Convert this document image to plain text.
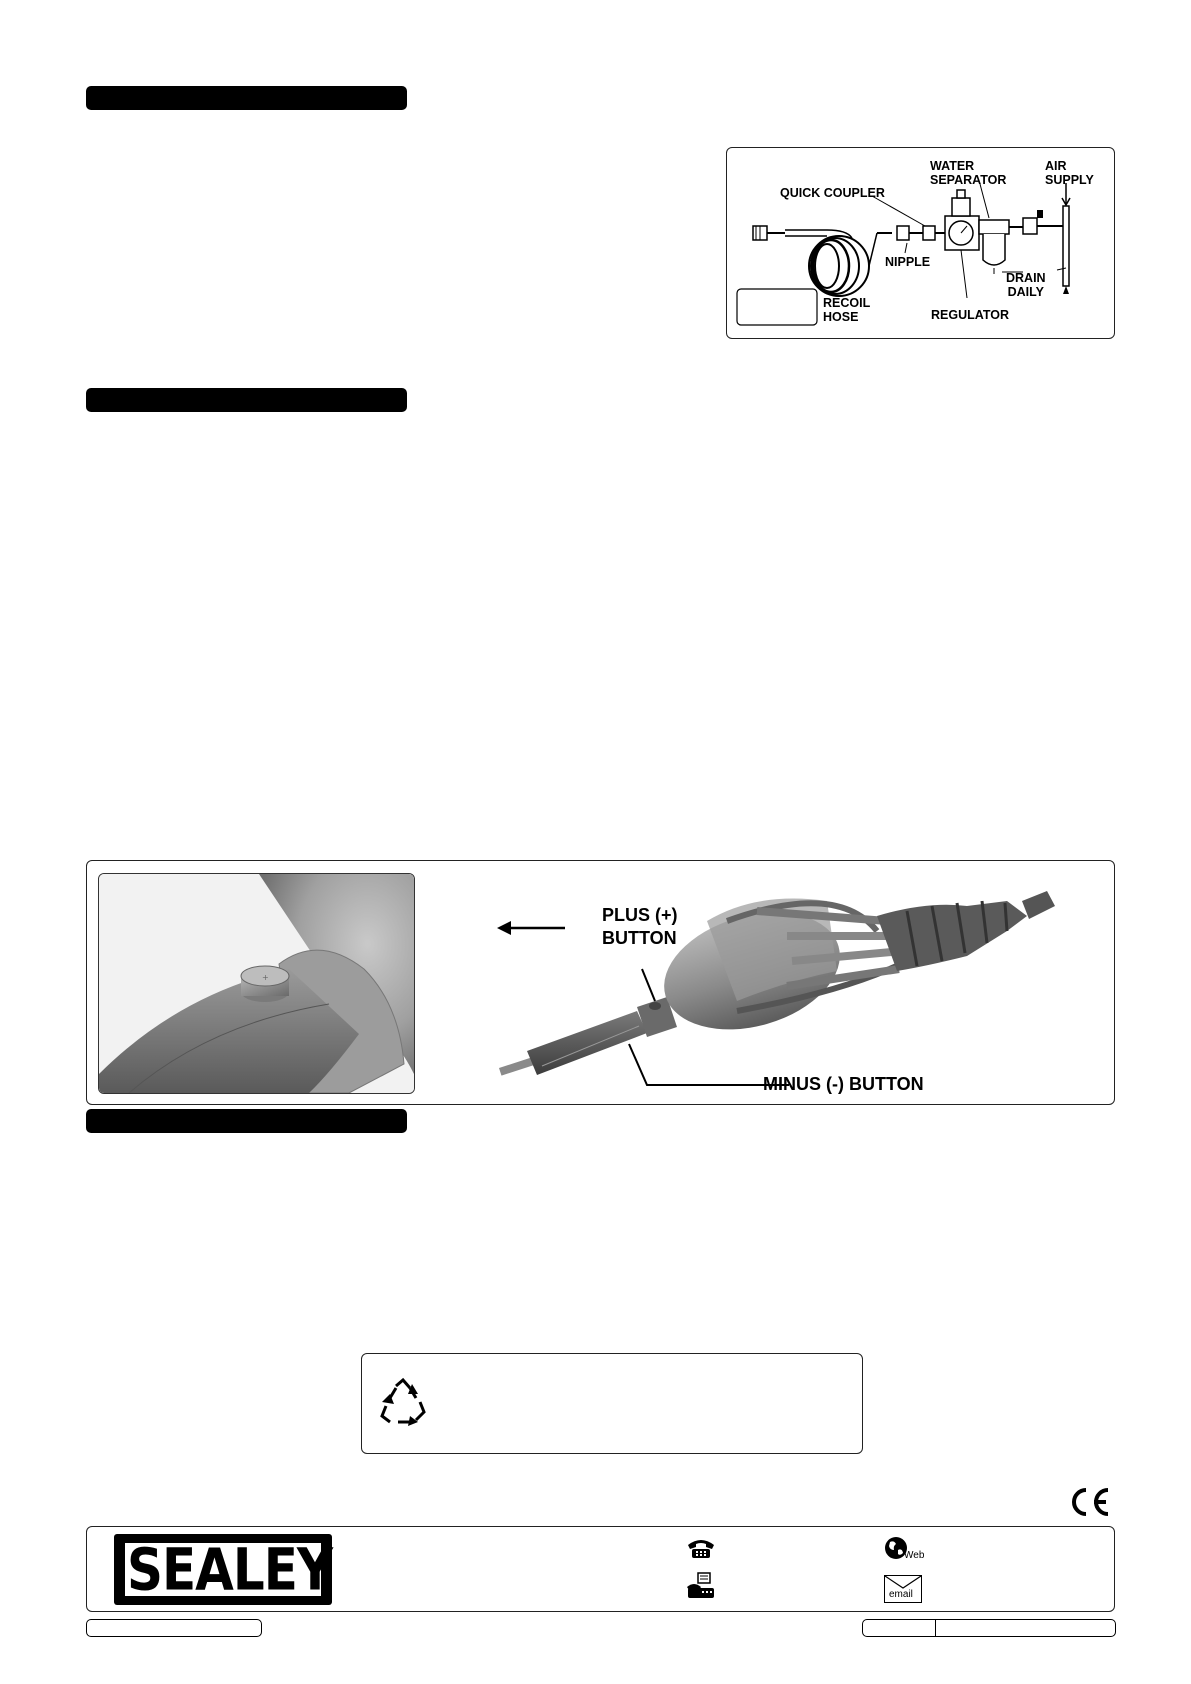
QUICK COUPLER
WATER
SEPARATOR
AIR
SUPPLY
NIPPLE
DRAIN
DAILY
RECOIL
HOSE	REGULATOR
+
PLUS (+)
BUTTON
MINUS (-) BUTTON
SEALEY	Web
email
